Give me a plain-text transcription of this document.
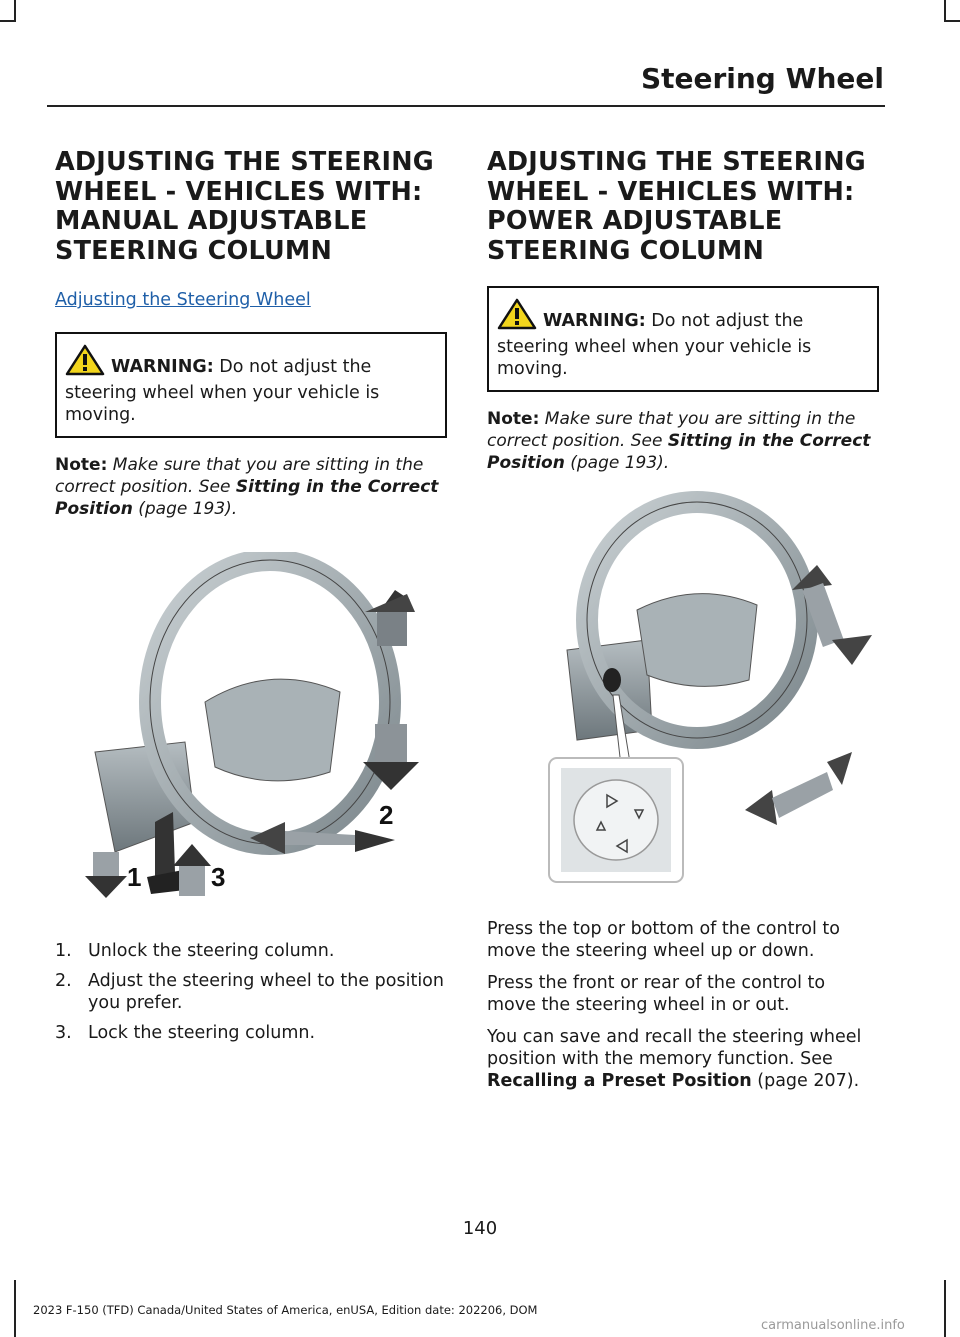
Steering Wheel
ADJUSTING THE STEERING WHEEL - VEHICLES WITH: MANUAL ADJUSTABLE STEERING COLUMN
Adjusting the Steering Wheel
WARNING: Do not adjust the steering wheel when your vehicle is moving.
Note: Make sure that you are sitting in the correct position. See Sitting in the Correct Position (page 193).
1
2
3
1. Unlock the steering column.
2. Adjust the steering wheel to the position you prefer.
3. Lock the steering column.
ADJUSTING THE STEERING WHEEL - VEHICLES WITH: POWER ADJUSTABLE STEERING COLUMN
WARNING: Do not adjust the steering wheel when your vehicle is moving.
Note: Make sure that you are sitting in the correct position. See Sitting in the Correct Position (page 193).

Press the top or bottom of the control to move the steering wheel up or down.

Press the front or rear of the control to move the steering wheel in or out.

You can save and recall the steering wheel position with the memory function. See Recalling a Preset Position (page 207).

140
2023 F-150 (TFD) Canada/United States of America, enUSA, Edition date: 202206, DOM
carmanualsonline.info
